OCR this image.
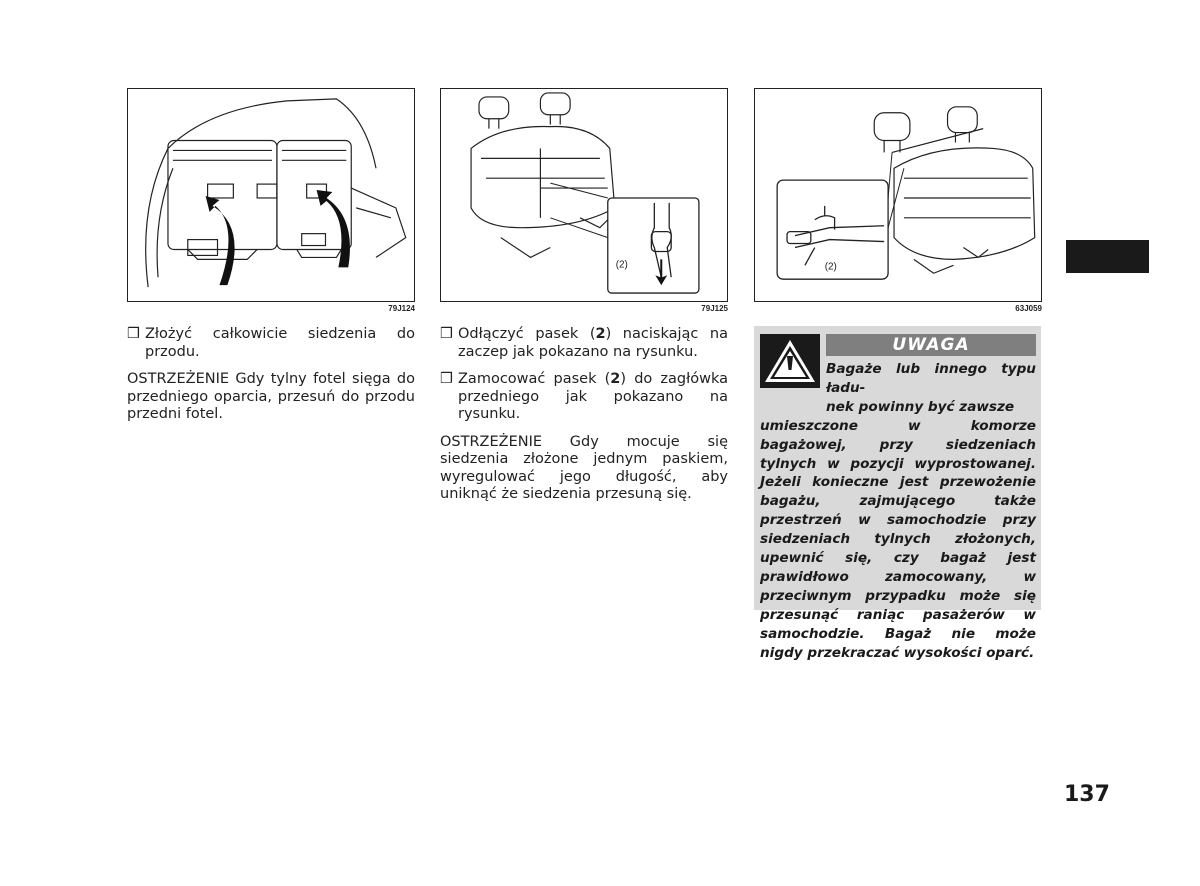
79J124
(2)
79J125
(2)
63J059
❒ Złożyć całkowicie siedzenia do przodu.

OSTRZEŻENIE Gdy tylny fotel sięga do przedniego oparcia, przesuń do przodu przedni fotel.

❒ Odłączyć pasek (2) naciskając na zaczep jak pokazano na rysunku.
❒ Zamocować pasek (2) do zagłówka przedniego jak pokazano na rysunku.

OSTRZEŻENIE Gdy mocuje się siedzenia złożone jednym paskiem, wyregulować jego długość, aby uniknąć że siedzenia przesuną się.

UWAGA
Bagaże lub innego typu ładu-
nek powinny być zawsze
umieszczone w komorze bagażowej, przy siedzeniach tylnych w pozycji wyprostowanej. Jeżeli konieczne jest przewożenie bagażu, zajmującego także przestrzeń w samochodzie przy siedzeniach tylnych złożonych, upewnić się, czy bagaż jest prawidłowo zamocowany, w przeciwnym przypadku może się przesunąć raniąc pasażerów w samochodzie. Bagaż nie może nigdy przekraczać wysokości oparć.
137
